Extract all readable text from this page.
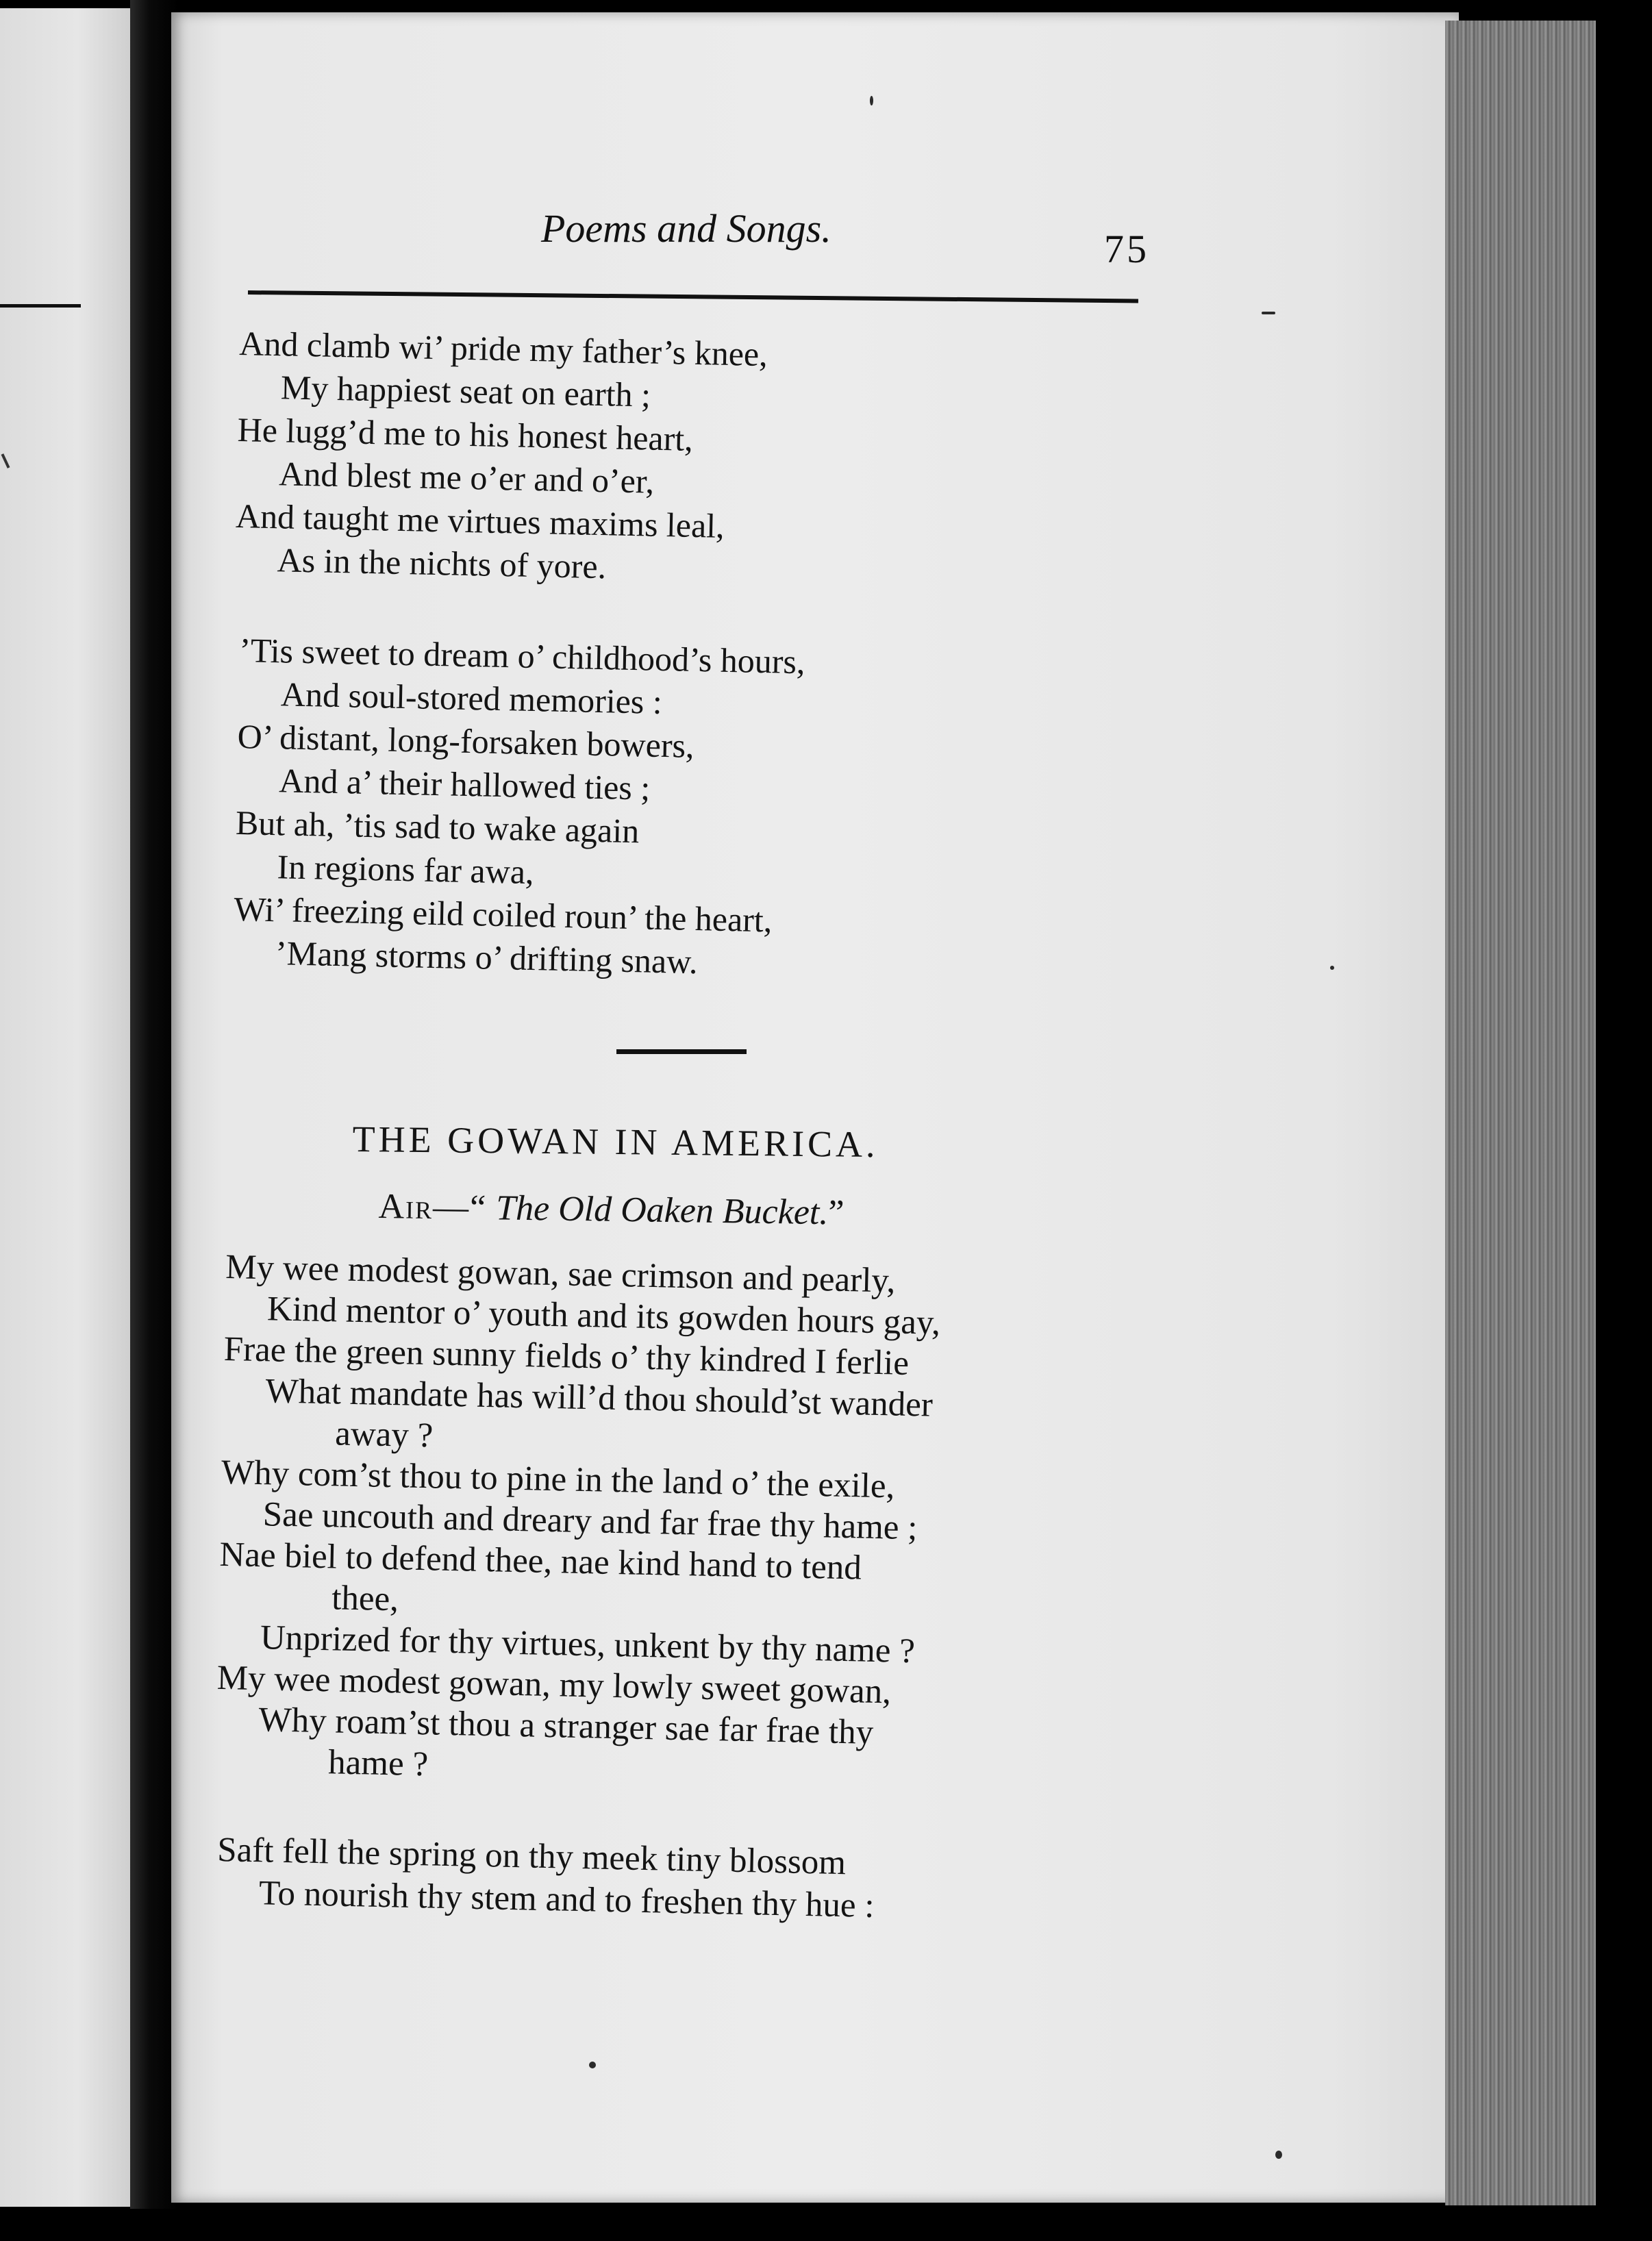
Poems and Songs.	75

And clamb wi’ pride my father’s knee,

My happiest seat on earth ;

He lugg’d me to his honest heart,

And blest me o’er and o’er,

And taught me virtues maxims leal,

As in the nichts of yore.

’Tis sweet to dream o’ childhood’s hours,

And soul-stored memories :

O’ distant, long-forsaken bowers,

And a’ their hallowed ties ;

But ah, ’tis sad to wake again

In regions far awa,

Wi’ freezing eild coiled roun’ the heart,

’Mang storms o’ drifting snaw.

THE GOWAN IN AMERICA.
Air—“ The Old Oaken Bucket.”

My wee modest gowan, sae crimson and pearly,

Kind mentor o’ youth and its gowden hours gay,

Frae the green sunny fields o’ thy kindred I ferlie

What mandate has will’d thou should’st wander

away ?

Why com’st thou to pine in the land o’ the exile,

Sae uncouth and dreary and far frae thy hame ;

Nae biel to defend thee, nae kind hand to tend

thee,

Unprized for thy virtues, unkent by thy name ?

My wee modest gowan, my lowly sweet gowan,

Why roam’st thou a stranger sae far frae thy

hame ?

Saft fell the spring on thy meek tiny blossom

To nourish thy stem and to freshen thy hue :
